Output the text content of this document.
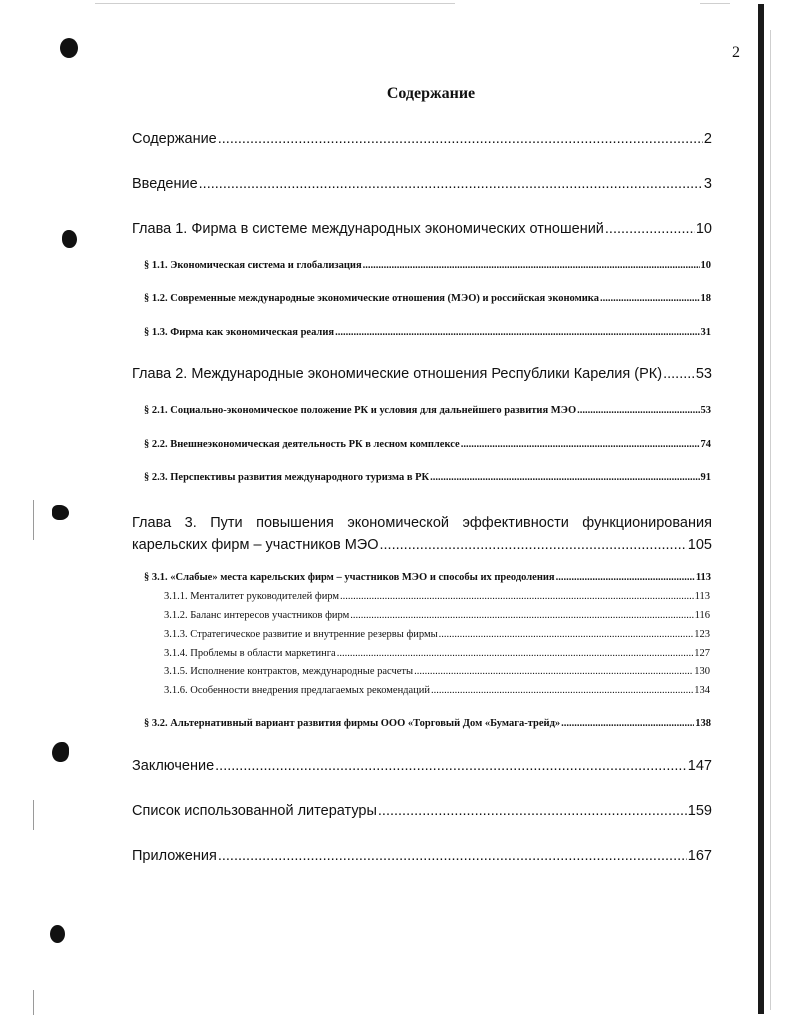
2
Содержание
Содержание .....	2
Введение .....	3
Глава 1. Фирма в системе международных экономических отношений .....	10
§ 1.1. Экономическая система и глобализация .....	10
§ 1.2. Современные международные экономические отношения (МЭО) и российская экономика .....	18
§ 1.3. Фирма как экономическая реалия .....	31
Глава 2. Международные экономические отношения Республики Карелия (РК) ..... 53
§ 2.1. Социально-экономическое положение РК и условия для дальнейшего развития МЭО .....	53
§ 2.2. Внешнеэкономическая деятельность РК в лесном комплексе .....	74
§ 2.3. Перспективы развития международного туризма в РК .....	91
Глава 3. Пути повышения экономической эффективности функционирования
карельских фирм – участников МЭО .....	105
§ 3.1. «Слабые» места карельских фирм – участников МЭО и способы их преодоления .....	113
3.1.1. Менталитет руководителей фирм .....	113
3.1.2. Баланс интересов участников фирм .....	116
3.1.3. Стратегическое развитие и внутренние резервы фирмы .....	123
3.1.4. Проблемы в области маркетинга .....	127
3.1.5. Исполнение контрактов, международные расчеты .....	130
3.1.6. Особенности внедрения предлагаемых рекомендаций .....	134
§ 3.2. Альтернативный вариант развития фирмы ООО «Торговый Дом «Бумага-трейд» .....	138
Заключение .....	147
Список использованной литературы .....	159
Приложения .....	167
